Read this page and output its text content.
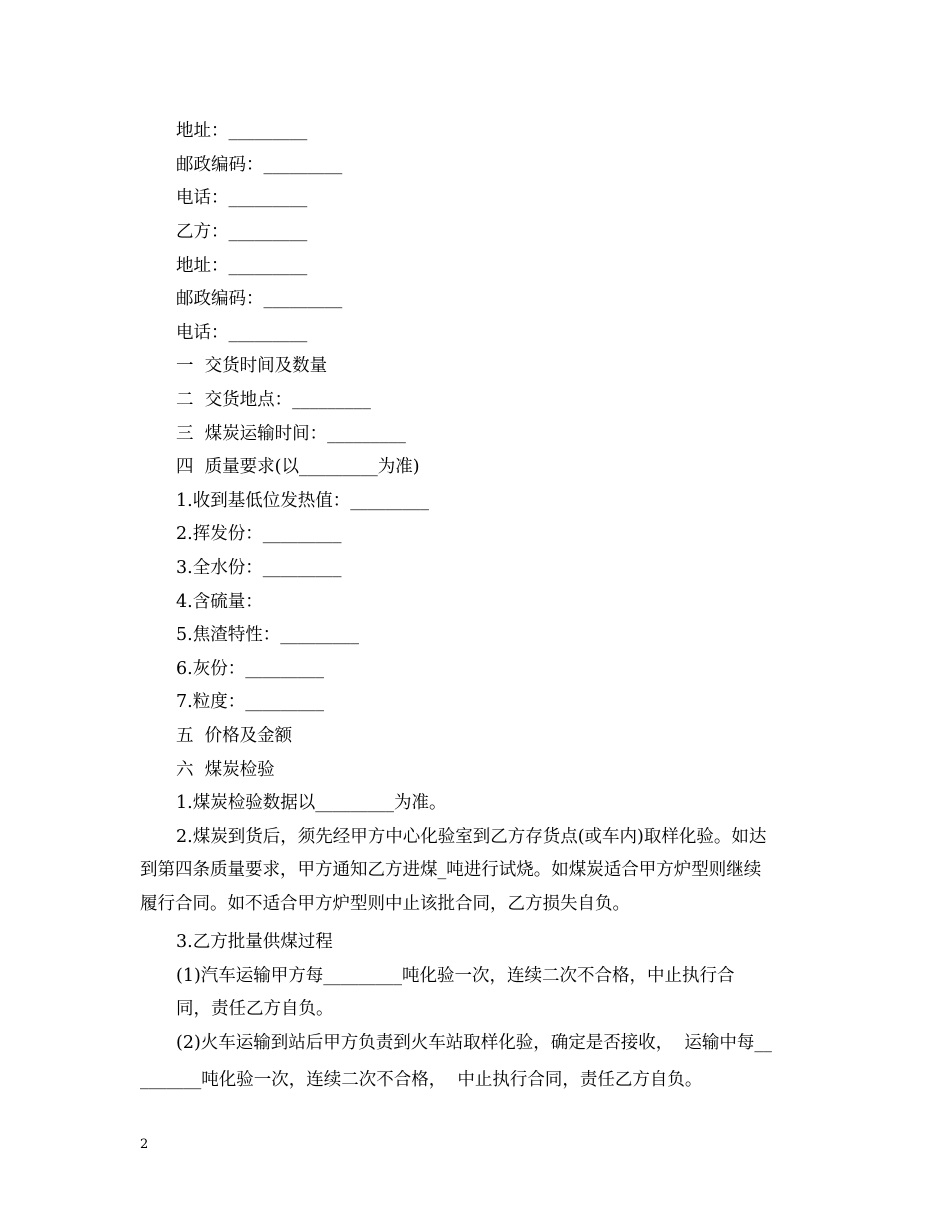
地址：_________
邮政编码：_________
电话：_________
乙方：_________
地址：_________
邮政编码：_________
电话：_________
一  交货时间及数量
二  交货地点：_________
三  煤炭运输时间：_________
四  质量要求(以_________为准)
1.收到基低位发热值：_________
2.挥发份：_________
3.全水份：_________
4.含硫量：
5.焦渣特性：_________
6.灰份：_________
7.粒度：_________
五  价格及金额
六  煤炭检验
1.煤炭检验数据以_________为准。
2.煤炭到货后，须先经甲方中心化验室到乙方存货点(或车内)取样化验。如达
到第四条质量要求，甲方通知乙方进煤_吨进行试烧。如煤炭适合甲方炉型则继续
履行合同。如不适合甲方炉型则中止该批合同，乙方损失自负。
3.乙方批量供煤过程
(1)汽车运输甲方每_________吨化验一次，连续二次不合格，中止执行合
同，责任乙方自负。
(2)火车运输到站后甲方负责到火车站取样化验，确定是否接收，  运输中每__
_______吨化验一次，连续二次不合格，  中止执行合同，责任乙方自负。
2
